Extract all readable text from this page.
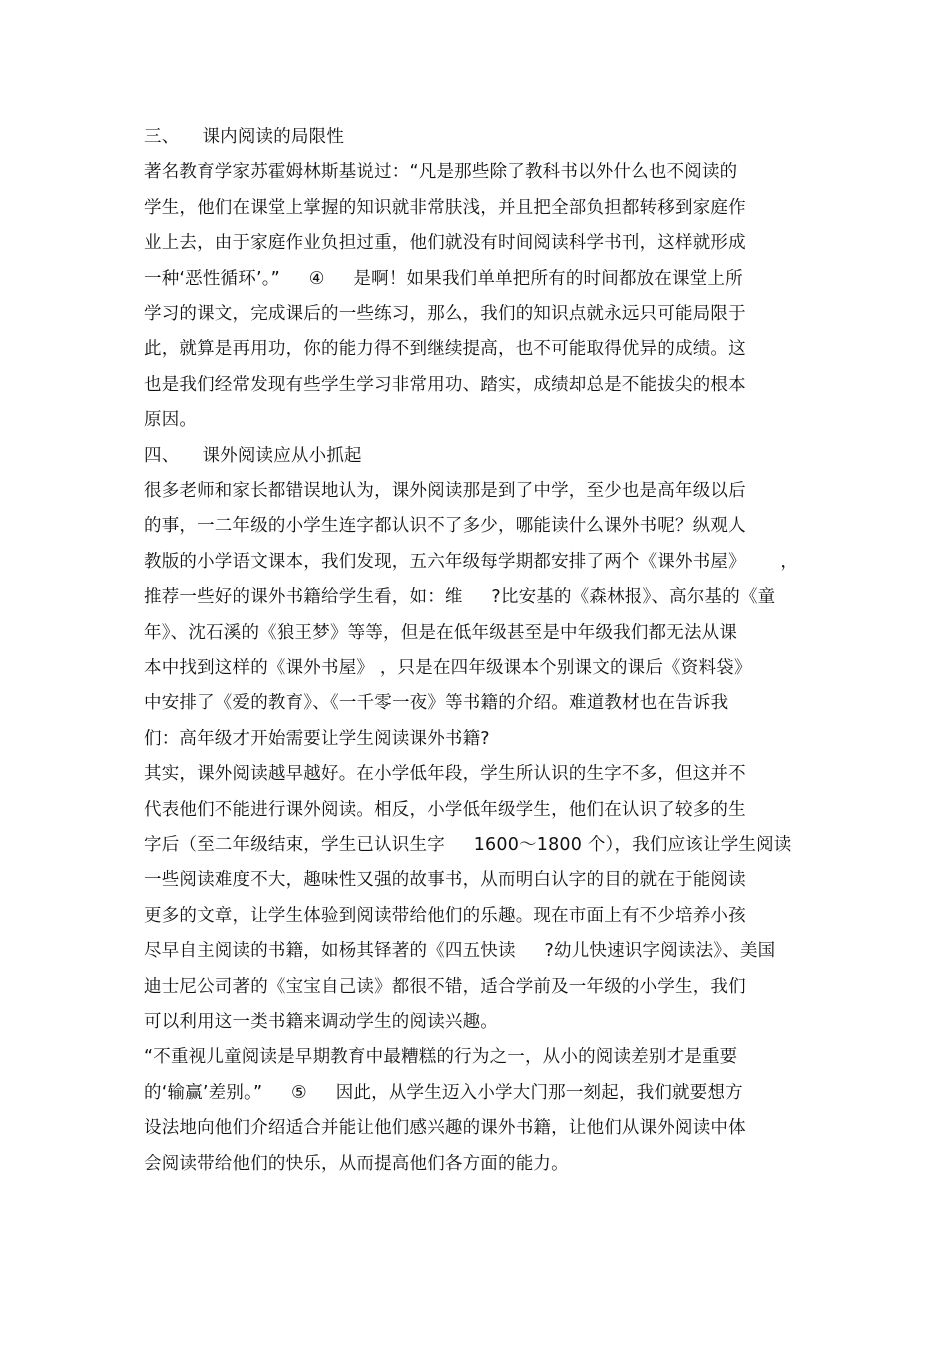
三、    课内阅读的局限性
著名教育学家苏霍姆林斯基说过：“凡是那些除了教科书以外什么也不阅读的
学生，他们在课堂上掌握的知识就非常肤浅，并且把全部负担都转移到家庭作
业上去，由于家庭作业负担过重，他们就没有时间阅读科学书刊，这样就形成
一种‘恶性循环’。”     ④     是啊！如果我们单单把所有的时间都放在课堂上所
学习的课文，完成课后的一些练习，那么，我们的知识点就永远只可能局限于
此，就算是再用功，你的能力得不到继续提高，也不可能取得优异的成绩。这
也是我们经常发现有些学生学习非常用功、踏实，成绩却总是不能拔尖的根本
原因。
四、    课外阅读应从小抓起
很多老师和家长都错误地认为，课外阅读那是到了中学，至少也是高年级以后
的事，一二年级的小学生连字都认识不了多少，哪能读什么课外书呢？纵观人
教版的小学语文课本，我们发现，五六年级每学期都安排了两个《课外书屋》      ，
推荐一些好的课外书籍给学生看，如：维     ?比安基的《森林报》、高尔基的《童
年》、沈石溪的《狼王梦》等等，但是在低年级甚至是中年级我们都无法从课
本中找到这样的《课外书屋》 ，只是在四年级课本个别课文的课后《资料袋》
中安排了《爱的教育》、《一千零一夜》等书籍的介绍。难道教材也在告诉我
们：高年级才开始需要让学生阅读课外书籍?
其实，课外阅读越早越好。在小学低年段，学生所认识的生字不多，但这并不
代表他们不能进行课外阅读。相反，小学低年级学生，他们在认识了较多的生
字后（至二年级结束，学生已认识生字     1600～1800 个），我们应该让学生阅读
一些阅读难度不大，趣味性又强的故事书，从而明白认字的目的就在于能阅读
更多的文章，让学生体验到阅读带给他们的乐趣。现在市面上有不少培养小孩
尽早自主阅读的书籍，如杨其铎著的《四五快读     ?幼儿快速识字阅读法》、美国
迪士尼公司著的《宝宝自己读》都很不错，适合学前及一年级的小学生，我们
可以利用这一类书籍来调动学生的阅读兴趣。
“不重视儿童阅读是早期教育中最糟糕的行为之一，从小的阅读差别才是重要
的‘输赢’差别。”     ⑤     因此，从学生迈入小学大门那一刻起，我们就要想方
设法地向他们介绍适合并能让他们感兴趣的课外书籍，让他们从课外阅读中体
会阅读带给他们的快乐，从而提高他们各方面的能力。
